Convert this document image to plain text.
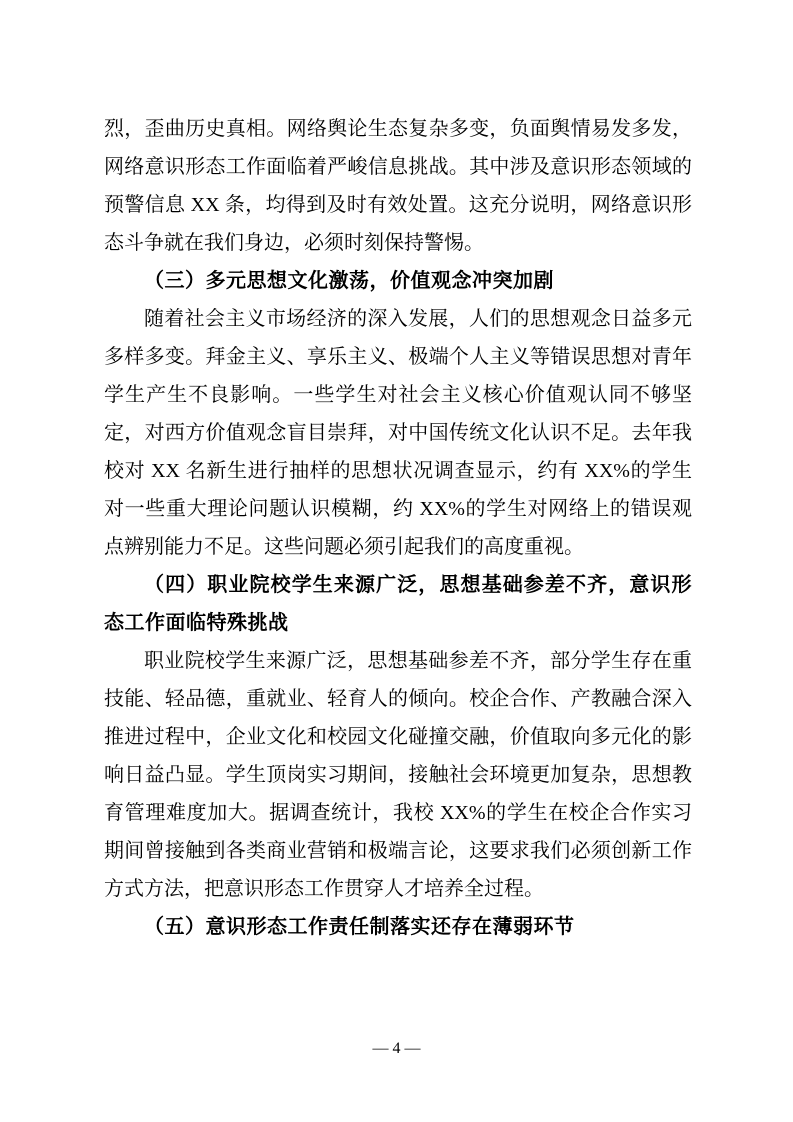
烈，歪曲历史真相。网络舆论生态复杂多变，负面舆情易发多发，网络意识形态工作面临着严峻信息挑战。其中涉及意识形态领域的预警信息 XX 条，均得到及时有效处置。这充分说明，网络意识形态斗争就在我们身边，必须时刻保持警惕。

（三）多元思想文化激荡，价值观念冲突加剧

随着社会主义市场经济的深入发展，人们的思想观念日益多元多样多变。拜金主义、享乐主义、极端个人主义等错误思想对青年学生产生不良影响。一些学生对社会主义核心价值观认同不够坚定，对西方价值观念盲目崇拜，对中国传统文化认识不足。去年我校对 XX 名新生进行抽样的思想状况调查显示，约有 XX%的学生对一些重大理论问题认识模糊，约 XX%的学生对网络上的错误观点辨别能力不足。这些问题必须引起我们的高度重视。

（四）职业院校学生来源广泛，思想基础参差不齐，意识形态工作面临特殊挑战

职业院校学生来源广泛，思想基础参差不齐，部分学生存在重技能、轻品德，重就业、轻育人的倾向。校企合作、产教融合深入推进过程中，企业文化和校园文化碰撞交融，价值取向多元化的影响日益凸显。学生顶岗实习期间，接触社会环境更加复杂，思想教育管理难度加大。据调查统计，我校 XX%的学生在校企合作实习期间曾接触到各类商业营销和极端言论，这要求我们必须创新工作方式方法，把意识形态工作贯穿人才培养全过程。

（五）意识形态工作责任制落实还存在薄弱环节

— 4 —
